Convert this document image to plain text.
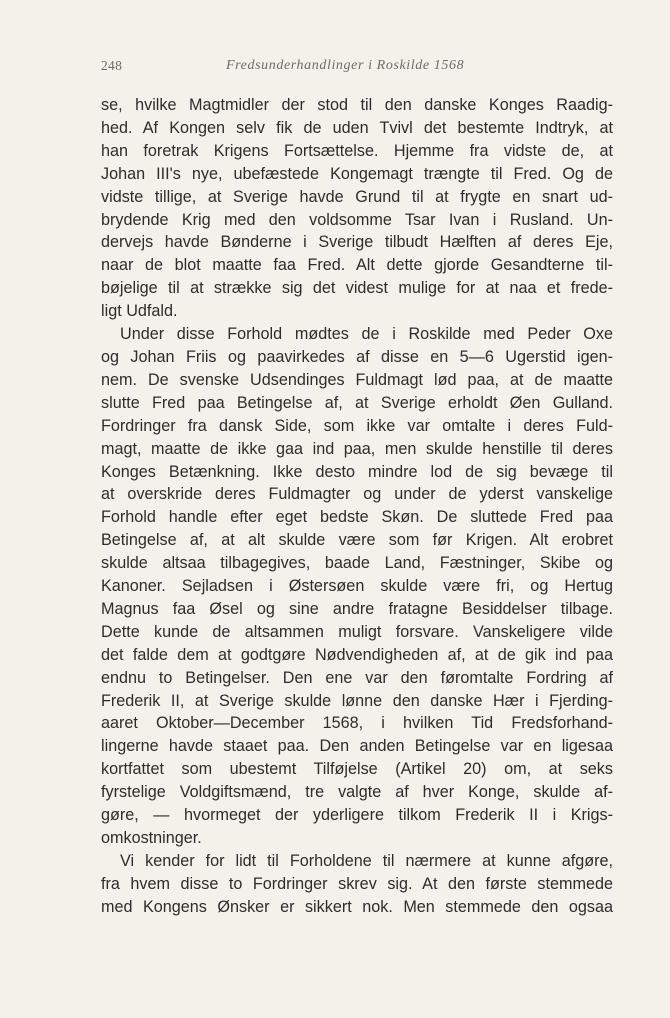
248	Fredsunderhandlinger i Roskilde 1568
se, hvilke Magtmidler der stod til den danske Konges Raadig-
hed. Af Kongen selv fik de uden Tvivl det bestemte Indtryk, at
han foretrak Krigens Fortsættelse. Hjemme fra vidste de, at
Johan III's nye, ubefæstede Kongemagt trængte til Fred. Og de
vidste tillige, at Sverige havde Grund til at frygte en snart ud-
brydende Krig med den voldsomme Tsar Ivan i Rusland. Un-
dervejs havde Bønderne i Sverige tilbudt Hælften af deres Eje,
naar de blot maatte faa Fred. Alt dette gjorde Gesandterne til-
bøjelige til at strække sig det videst mulige for at naa et frede-
ligt Udfald.
Under disse Forhold mødtes de i Roskilde med Peder Oxe
og Johan Friis og paavirkedes af disse en 5—6 Ugerstid igen-
nem. De svenske Udsendinges Fuldmagt lød paa, at de maatte
slutte Fred paa Betingelse af, at Sverige erholdt Øen Gulland.
Fordringer fra dansk Side, som ikke var omtalte i deres Fuld-
magt, maatte de ikke gaa ind paa, men skulde henstille til deres
Konges Betænkning. Ikke desto mindre lod de sig bevæge til
at overskride deres Fuldmagter og under de yderst vanskelige
Forhold handle efter eget bedste Skøn. De sluttede Fred paa
Betingelse af, at alt skulde være som før Krigen. Alt erobret
skulde altsaa tilbagegives, baade Land, Fæstninger, Skibe og
Kanoner. Sejladsen i Østersøen skulde være fri, og Hertug
Magnus faa Øsel og sine andre fratagne Besiddelser tilbage.
Dette kunde de altsammen muligt forsvare. Vanskeligere vilde
det falde dem at godtgøre Nødvendigheden af, at de gik ind paa
endnu to Betingelser. Den ene var den føromtalte Fordring af
Frederik II, at Sverige skulde lønne den danske Hær i Fjerding-
aaret Oktober—December 1568, i hvilken Tid Fredsforhand-
lingerne havde staaet paa. Den anden Betingelse var en ligesaa
kortfattet som ubestemt Tilføjelse (Artikel 20) om, at seks
fyrstelige Voldgiftsmænd, tre valgte af hver Konge, skulde af-
gøre, — hvormeget der yderligere tilkom Frederik II i Krigs-
omkostninger.
Vi kender for lidt til Forholdene til nærmere at kunne afgøre,
fra hvem disse to Fordringer skrev sig. At den første stemmede
med Kongens Ønsker er sikkert nok. Men stemmede den ogsaa
